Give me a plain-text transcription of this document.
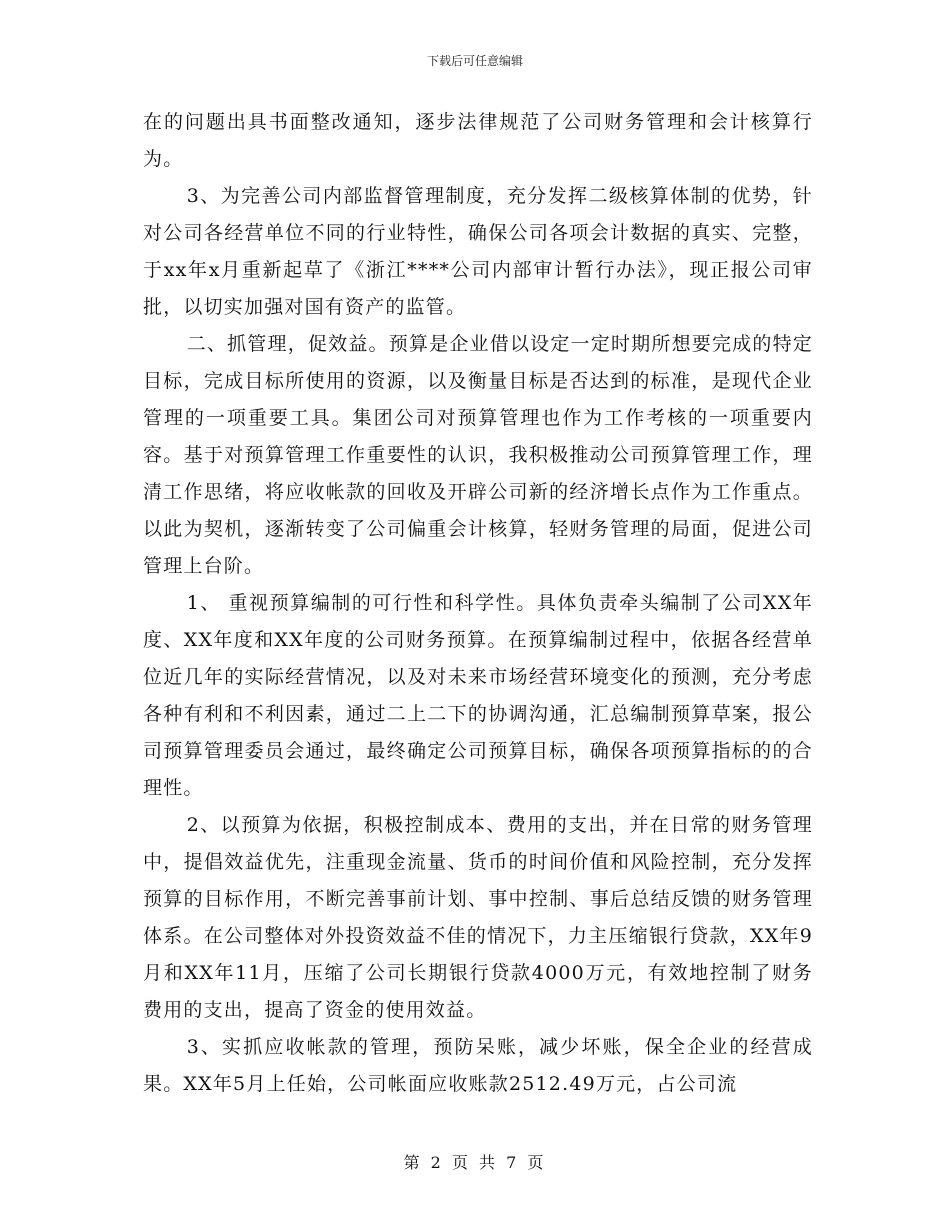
下载后可任意编辑

在的问题出具书面整改通知，逐步法律规范了公司财务管理和会计核算行为。

3、为完善公司内部监督管理制度，充分发挥二级核算体制的优势，针对公司各经营单位不同的行业特性，确保公司各项会计数据的真实、完整，于xx年x月重新起草了《浙江****公司内部审计暂行办法》，现正报公司审批，以切实加强对国有资产的监管。

二、抓管理，促效益。预算是企业借以设定一定时期所想要完成的特定目标，完成目标所使用的资源，以及衡量目标是否达到的标准，是现代企业管理的一项重要工具。集团公司对预算管理也作为工作考核的一项重要内容。基于对预算管理工作重要性的认识，我积极推动公司预算管理工作，理清工作思绪，将应收帐款的回收及开辟公司新的经济增长点作为工作重点。以此为契机，逐渐转变了公司偏重会计核算，轻财务管理的局面，促进公司管理上台阶。

1、 重视预算编制的可行性和科学性。具体负责牵头编制了公司XX年度、XX年度和XX年度的公司财务预算。在预算编制过程中，依据各经营单位近几年的实际经营情况，以及对未来市场经营环境变化的预测，充分考虑各种有利和不利因素，通过二上二下的协调沟通，汇总编制预算草案，报公司预算管理委员会通过，最终确定公司预算目标，确保各项预算指标的的合理性。

2、以预算为依据，积极控制成本、费用的支出，并在日常的财务管理中，提倡效益优先，注重现金流量、货币的时间价值和风险控制，充分发挥预算的目标作用，不断完善事前计划、事中控制、事后总结反馈的财务管理体系。在公司整体对外投资效益不佳的情况下，力主压缩银行贷款，XX年9月和XX年11月，压缩了公司长期银行贷款4000万元，有效地控制了财务费用的支出，提高了资金的使用效益。

3、实抓应收帐款的管理，预防呆账，减少坏账，保全企业的经营成果。XX年5月上任始，公司帐面应收账款2512.49万元，占公司流

第 2 页 共 7 页
